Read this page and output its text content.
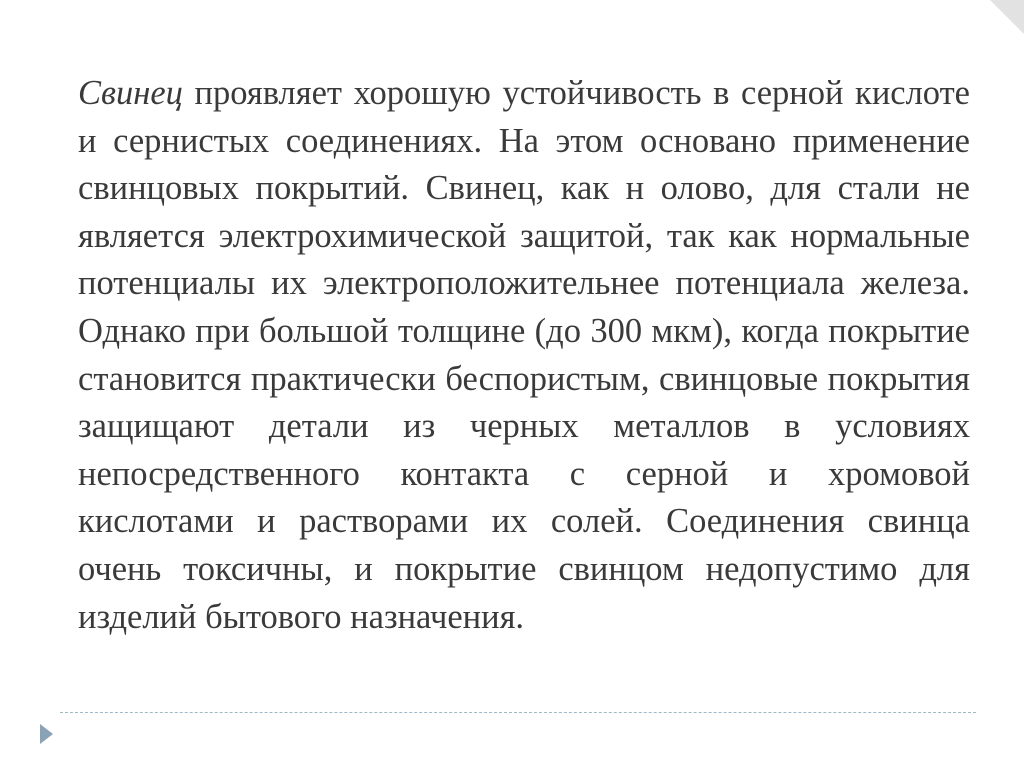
Свинец проявляет хорошую устойчивость в серной кислоте и сернистых соединениях. На этом основано применение свинцовых покрытий. Свинец, как н олово, для стали не является электрохимической защитой, так как нормальные потенциалы их электроположительнее потенциала железа. Однако при большой толщине (до 300 мкм), когда покрытие становится практически беспористым, свинцовые покрытия защищают детали из черных металлов в условиях непосредственного контакта с серной и хромовой кислотами и растворами их солей. Соединения свинца очень токсичны, и покрытие свинцом недопустимо для изделий бытового назначения.
